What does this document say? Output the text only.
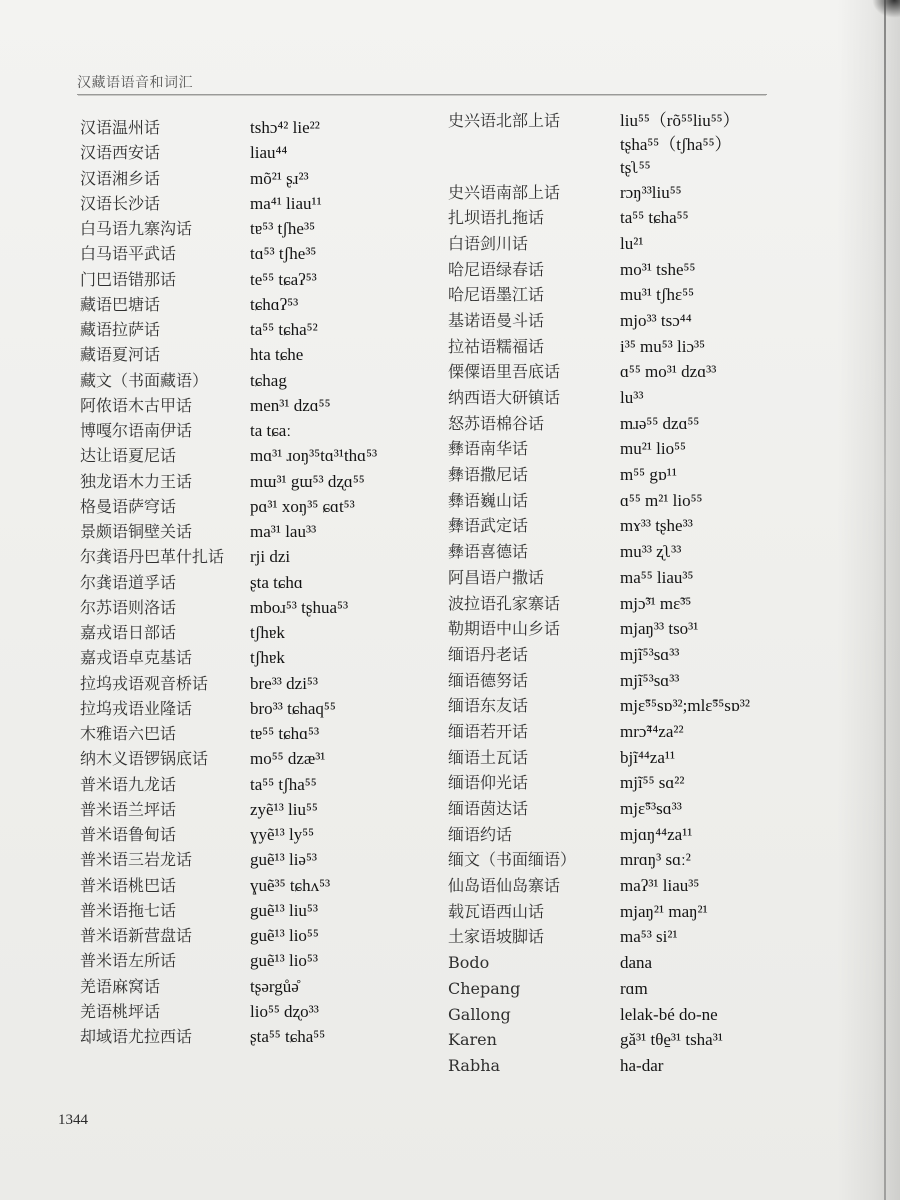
汉藏语语音和词汇
汉语温州话	tshɔ⁴² lie²²
汉语西安话	liau⁴⁴
汉语湘乡话	mõ²¹ ʂɹ²³
汉语长沙话	ma⁴¹ liau¹¹
白马语九寨沟话	tɐ⁵³ tʃhe³⁵
白马语平武话	tɑ⁵³ tʃhe³⁵
门巴语错那话	te⁵⁵ tɕaʔ⁵³
藏语巴塘话	tɕhɑʔ⁵³
藏语拉萨话	ta⁵⁵ tɕha⁵²
藏语夏河话	hta tɕhe
藏文（书面藏语）	tɕhag
阿侬语木古甲话	men³¹ dzɑ⁵⁵
博嘎尔语南伊话	ta tɕaː
达让语夏尼话	mɑ³¹ ɹoŋ³⁵tɑ³¹thɑ⁵³
独龙语木力王话	mɯ³¹ gɯ⁵³ dʐɑ⁵⁵
格曼语萨穹话	pɑ³¹ xoŋ³⁵ ɕɑt⁵³
景颇语铜壁关话	ma³¹ lau³³
尔龚语丹巴革什扎话	rji dzi
尔龚语道孚话	ʂta tɕhɑ
尔苏语则洛话	mboɹ⁵³ tʂhua⁵³
嘉戎语日部话	tʃhɐk
嘉戎语卓克基话	tʃhɐk
拉坞戎语观音桥话	bre³³ dzi⁵³
拉坞戎语业隆话	bro³³ tɕhaq⁵⁵
木雅语六巴话	tɐ⁵⁵ tɕhɑ⁵³
纳木义语锣锅底话	mo⁵⁵ dzæ³¹
普米语九龙话	ta⁵⁵ tʃha⁵⁵
普米语兰坪话	zyẽ¹³ liu⁵⁵
普米语鲁甸话	ɣyẽ¹³ ly⁵⁵
普米语三岩龙话	guẽ¹³ liə⁵³
普米语桃巴话	ɣuẽ³⁵ tɕhʌ⁵³
普米语拖七话	guẽ¹³ liu⁵³
普米语新营盘话	guẽ¹³ lio⁵⁵
普米语左所话	guẽ¹³ lio⁵³
羌语麻窝话	tʂərgůə̊
羌语桃坪话	lio⁵⁵ dʐo³³
却域语尤拉西话	ʂta⁵⁵ tɕha⁵⁵
史兴语北部上话	liu⁵⁵（rõ⁵⁵liu⁵⁵）
tʂha⁵⁵（tʃha⁵⁵）
tʂʅ⁵⁵
史兴语南部上话	rɔŋ³³liu⁵⁵
扎坝语扎拖话	ta⁵⁵ tɕha⁵⁵
白语剑川话	lu²¹
哈尼语绿春话	mo³¹ tshe⁵⁵
哈尼语墨江话	mu³¹ tʃhɛ⁵⁵
基诺语曼斗话	mjo³³ tsɔ⁴⁴
拉祜语糯福话	i³⁵ mu⁵³ liɔ³⁵
傈僳语里吾底话	ɑ⁵⁵ mo³¹ dzɑ³³
纳西语大研镇话	lu³³
怒苏语棉谷话	mɹə⁵⁵ dzɑ⁵⁵
彝语南华话	mu²¹ lio⁵⁵
彝语撒尼话	m⁵⁵ gɒ¹¹
彝语巍山话	ɑ⁵⁵ m²¹ lio⁵⁵
彝语武定话	mɤ³³ tʂhe³³
彝语喜德话	mu³³ ʐʅ³³
阿昌语户撒话	ma⁵⁵ liau³⁵
波拉语孔家寨话	mjɔ̃³¹ mɛ̃³⁵
勒期语中山乡话	mjaŋ³³ tso³¹
缅语丹老话	mjĩ⁵³sɑ³³
缅语德努话	mjĩ⁵³sɑ³³
缅语东友话	mjɛ̃⁵⁵sɒ³²;mlɛ̃⁵⁵sɒ³²
缅语若开话	mrɔ̃⁴⁴za²²
缅语土瓦话	bjĩ⁴⁴za¹¹
缅语仰光话	mjĩ⁵⁵ sɑ²²
缅语茵达话	mjɛ̃⁵³sɑ³³
缅语约话	mjɑŋ⁴⁴za¹¹
缅文（书面缅语）	mrɑŋ³ sɑː²
仙岛语仙岛寨话	maʔ³¹ liau³⁵
载瓦语西山话	mjaŋ²¹ maŋ²¹
土家语坡脚话	ma⁵³ si²¹
Bodo	dana
Chepang	rɑm
Gallong	lelak-bé do-ne
Karen	gǎ³¹ tθe̠³¹ tsha³¹
Rabha	ha-dar
1344
